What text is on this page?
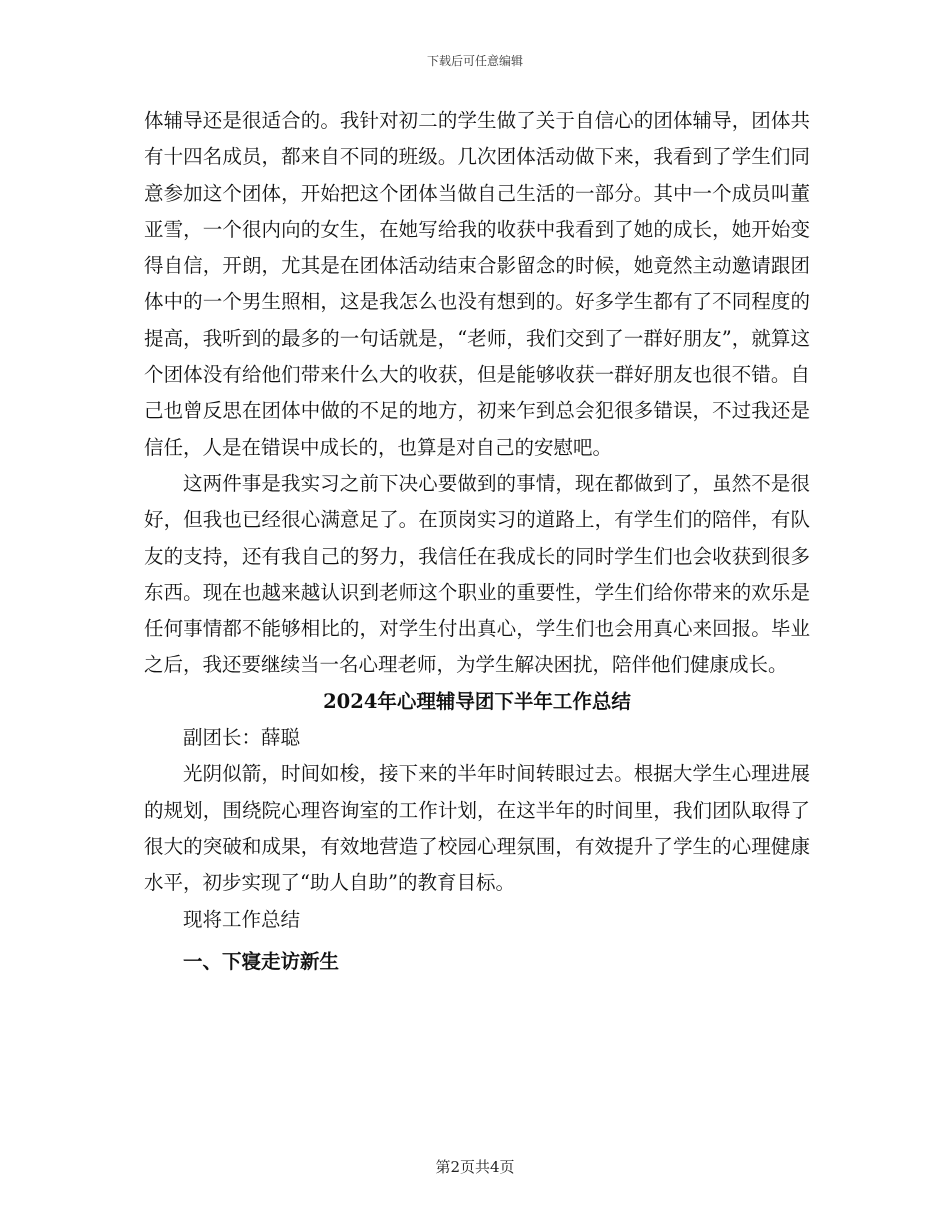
下载后可任意编辑

体辅导还是很适合的。我针对初二的学生做了关于自信心的团体辅导，团体共有十四名成员，都来自不同的班级。几次团体活动做下来，我看到了学生们同意参加这个团体，开始把这个团体当做自己生活的一部分。其中一个成员叫董亚雪，一个很内向的女生，在她写给我的收获中我看到了她的成长，她开始变得自信，开朗，尤其是在团体活动结束合影留念的时候，她竟然主动邀请跟团体中的一个男生照相，这是我怎么也没有想到的。好多学生都有了不同程度的提高，我听到的最多的一句话就是，“老师，我们交到了一群好朋友”，就算这个团体没有给他们带来什么大的收获，但是能够收获一群好朋友也很不错。自己也曾反思在团体中做的不足的地方，初来乍到总会犯很多错误，不过我还是信任，人是在错误中成长的，也算是对自己的安慰吧。

这两件事是我实习之前下决心要做到的事情，现在都做到了，虽然不是很好，但我也已经很心满意足了。在顶岗实习的道路上，有学生们的陪伴，有队友的支持，还有我自己的努力，我信任在我成长的同时学生们也会收获到很多东西。现在也越来越认识到老师这个职业的重要性，学生们给你带来的欢乐是任何事情都不能够相比的，对学生付出真心，学生们也会用真心来回报。毕业之后，我还要继续当一名心理老师，为学生解决困扰，陪伴他们健康成长。

2024年心理辅导团下半年工作总结

副团长：薛聪

光阴似箭，时间如梭，接下来的半年时间转眼过去。根据大学生心理进展的规划，围绕院心理咨询室的工作计划，在这半年的时间里，我们团队取得了很大的突破和成果，有效地营造了校园心理氛围，有效提升了学生的心理健康水平，初步实现了“助人自助”的教育目标。

现将工作总结

一、下寝走访新生
第2页共4页
